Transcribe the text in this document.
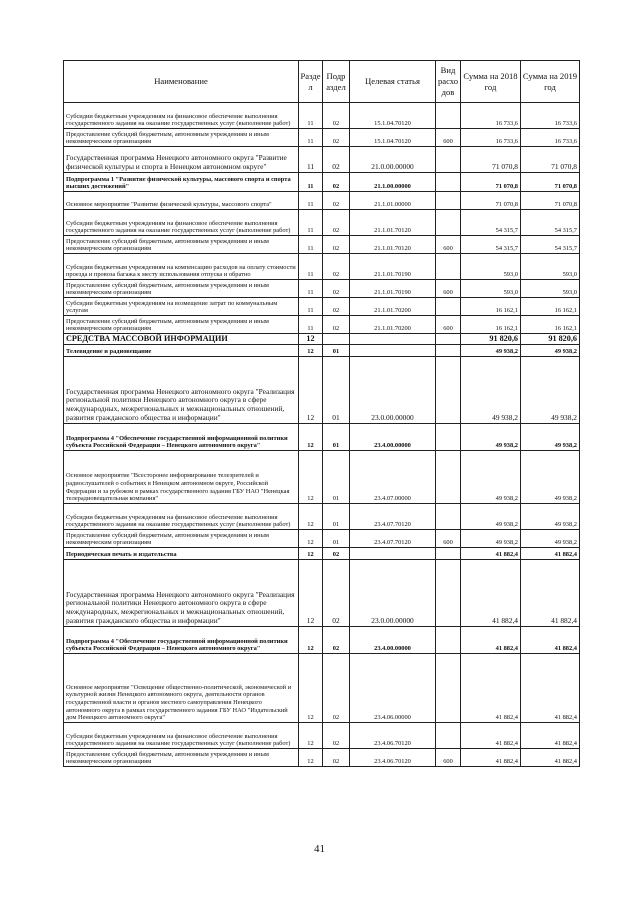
Наименование	Разде л	Подр аздел	Целевая статья	Вид расхо дов	Сумма на 2018 год	Сумма на 2019 год
Субсидии бюджетным учреждениям на финансовое обеспечение выполнения государственного задания на оказание государственных услуг (выполнение работ)	11	02	15.1.04.70120		16 733,6	16 733,6
Предоставление субсидий бюджетным, автономным учреждениям и иным некоммерческим организациям	11	02	15.1.04.70120	600	16 733,6	16 733,6
Государственная программа Ненецкого автономного округа "Развитие физической культуры и спорта в Ненецком автономном округе"	11	02	21.0.00.00000		71 070,8	71 070,8
Подпрограмма 1 "Развитие физической культуры, массового спорта и спорта высших достижений"	11	02	21.1.00.00000		71 070,8	71 070,8
Основное мероприятие "Развитие физической культуры, массового спорта"	11	02	21.1.01.00000		71 070,8	71 070,8
Субсидии бюджетным учреждениям на финансовое обеспечение выполнения государственного задания на оказание государственных услуг (выполнение работ)	11	02	21.1.01.70120		54 315,7	54 315,7
Предоставление субсидий бюджетным, автономным учреждениям и иным некоммерческим организациям	11	02	21.1.01.70120	600	54 315,7	54 315,7
Субсидии бюджетным учреждениям на компенсацию расходов на оплату стоимости проезда и провоза багажа к месту использования отпуска и обратно	11	02	21.1.01.70190		593,0	593,0
Предоставление субсидий бюджетным, автономным учреждениям и иным некоммерческим организациям	11	02	21.1.01.70190	600	593,0	593,0
Субсидии бюджетным учреждениям на возмещение затрат по коммунальным услугам	11	02	21.1.01.70200		16 162,1	16 162,1
Предоставление субсидий бюджетным, автономным учреждениям и иным некоммерческим организациям	11	02	21.1.01.70200	600	16 162,1	16 162,1
СРЕДСТВА МАССОВОЙ ИНФОРМАЦИИ	12				91 820,6	91 820,6
Телевидение и радиовещание	12	01			49 938,2	49 938,2
Государственная программа Ненецкого автономного округа "Реализация региональной политики Ненецкого автономного округа в сфере международных, межрегиональных и межнациональных отношений, развития гражданского общества и информации"	12	01	23.0.00.00000		49 938,2	49 938,2
Подпрограмма 4 "Обеспечение государственной информационной политики субъекта Российской Федерации – Ненецкого автономного округа"	12	01	23.4.00.00000		49 938,2	49 938,2
Основное мероприятие "Всесторонее информирование телезрителей и радиослушателей о событиях в Ненецком автономном округе, Российской Федерации и за рубежом в рамках государственного задания ГБУ НАО "Ненецкая телерадиовещательная компания"	12	01	23.4.07.00000		49 938,2	49 938,2
Субсидии бюджетным учреждениям на финансовое обеспечение выполнения государственного задания на оказание государственных услуг (выполнение работ)	12	01	23.4.07.70120		49 938,2	49 938,2
Предоставление субсидий бюджетным, автономным учреждениям и иным некоммерческим организациям	12	01	23.4.07.70120	600	49 938,2	49 938,2
Периодическая печать и издательства	12	02			41 882,4	41 882,4
Государственная программа Ненецкого автономного округа "Реализация региональной политики Ненецкого автономного округа в сфере международных, межрегиональных и межнациональных отношений, развития гражданского общества и информации"	12	02	23.0.00.00000		41 882,4	41 882,4
Подпрограмма 4 "Обеспечение государственной информационной политики субъекта Российской Федерации – Ненецкого автономного округа"	12	02	23.4.00.00000		41 882,4	41 882,4
Основное мероприятие "Освещение общественно-политической, экономической и культурной жизни Ненецкого автономного округа, деятельности органов государственной власти и органов местного самоуправления Ненецкого автономного округа в рамках государственного задания ГБУ НАО "Издательский дом Ненецкого автономного округа"	12	02	23.4.06.00000		41 882,4	41 882,4
Субсидии бюджетным учреждениям на финансовое обеспечение выполнения государственного задания на оказание государственных услуг (выполнение работ)	12	02	23.4.06.70120		41 882,4	41 882,4
Предоставление субсидий бюджетным, автономным учреждениям и иным некоммерческим организациям	12	02	23.4.06.70120	600	41 882,4	41 882,4
41
